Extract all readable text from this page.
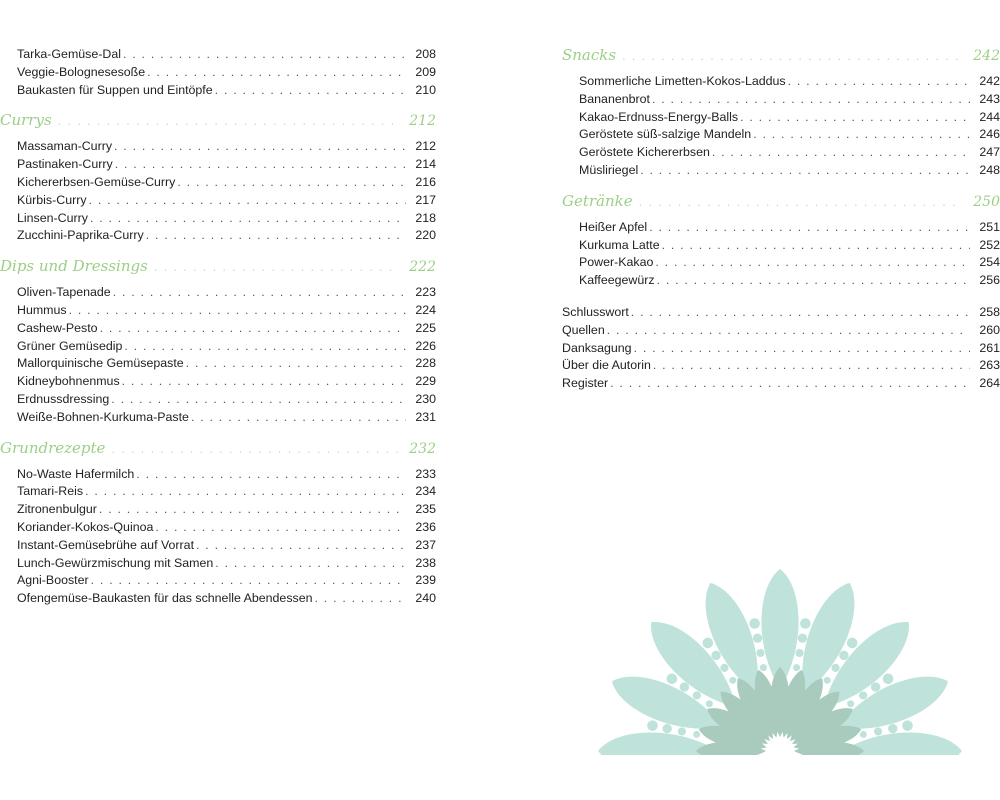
Tarka-Gemüse-Dal . . .	208
Veggie-Bolognesesoße . . .	209
Baukasten für Suppen und Eintöpfe . . .	210
Currys . . .	212
Massaman-Curry . . .	212
Pastinaken-Curry . . .	214
Kichererbsen-Gemüse-Curry . . .	216
Kürbis-Curry . . .	217
Linsen-Curry . . .	218
Zucchini-Paprika-Curry . . .	220
Dips und Dressings . . .	222
Oliven-Tapenade . . .	223
Hummus . . .	224
Cashew-Pesto . . .	225
Grüner Gemüsedip . . .	226
Mallorquinische Gemüsepaste . . .	228
Kidneybohnenmus . . .	229
Erdnussdressing . . .	230
Weiße-Bohnen-Kurkuma-Paste . . .	231
Grundrezepte . . .	232
No-Waste Hafermilch . . .	233
Tamari-Reis . . .	234
Zitronenbulgur . . .	235
Koriander-Kokos-Quinoa . . .	236
Instant-Gemüsebrühe auf Vorrat . . .	237
Lunch-Gewürzmischung mit Samen . . .	238
Agni-Booster . . .	239
Ofengemüse-Baukasten für das schnelle Abendessen . . .	240
Snacks . . .	242
Sommerliche Limetten-Kokos-Laddus . . .	242
Bananenbrot . . .	243
Kakao-Erdnuss-Energy-Balls . . .	244
Geröstete süß-salzige Mandeln . . .	246
Geröstete Kichererbsen . . .	247
Müsliriegel . . .	248
Getränke . . .	250
Heißer Apfel . . .	251
Kurkuma Latte . . .	252
Power-Kakao . . .	254
Kaffeegewürz . . .	256
Schlusswort . . .	258
Quellen . . .	260
Danksagung . . .	261
Über die Autorin . . .	263
Register . . .	264
